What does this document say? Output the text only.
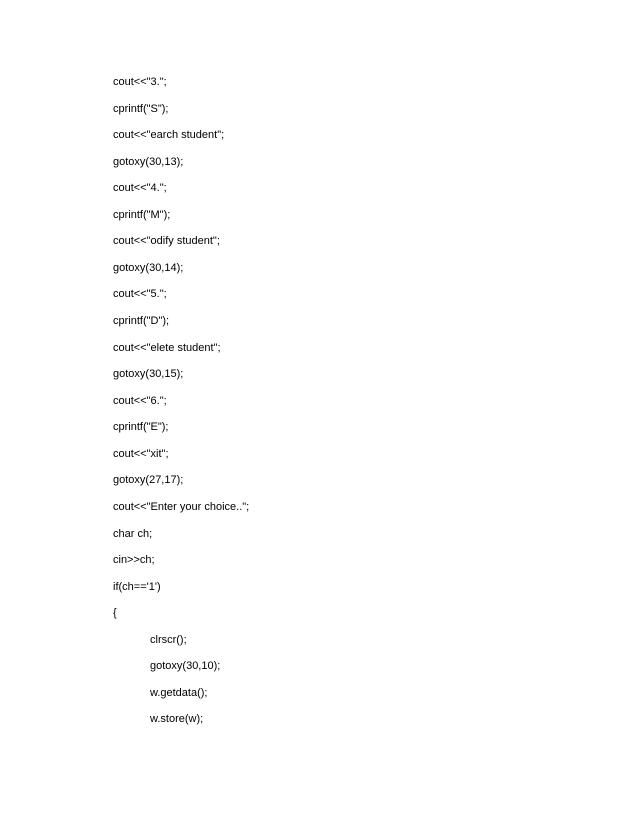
cout<<"3.";
cprintf("S");
cout<<"earch student";
gotoxy(30,13);
cout<<"4.";
cprintf("M");
cout<<"odify student";
gotoxy(30,14);
cout<<"5.";
cprintf("D");
cout<<"elete student";
gotoxy(30,15);
cout<<"6.";
cprintf("E");
cout<<"xit";
gotoxy(27,17);
cout<<"Enter your choice..";
char ch;
cin>>ch;
if(ch=='1')
{
clrscr();
gotoxy(30,10);
w.getdata();
w.store(w);
